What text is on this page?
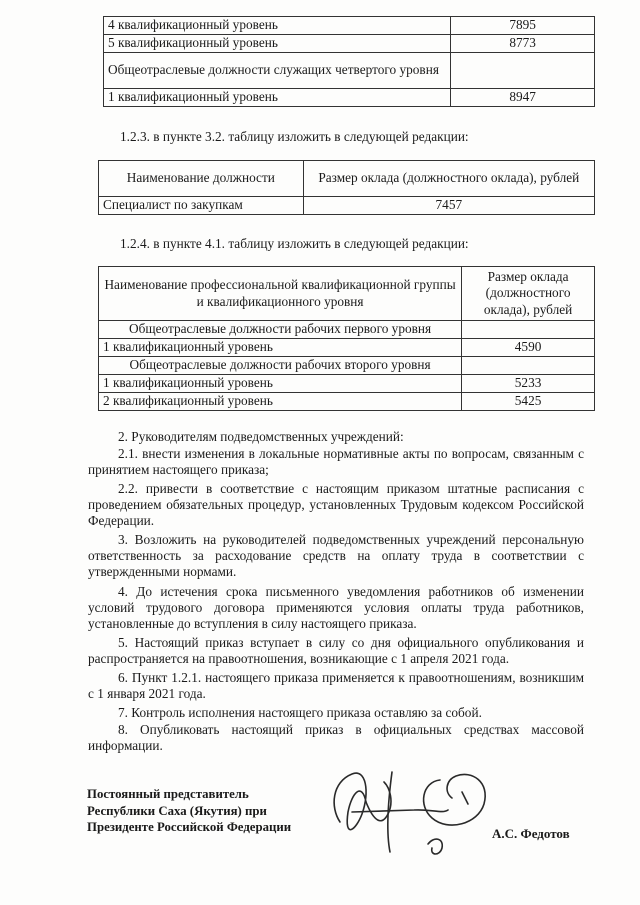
4 квалификационный уровень	7895
5 квалификационный уровень	8773
Общеотраслевые должности служащих четвертого уровня	
1 квалификационный уровень	8947
1.2.3. в пункте 3.2. таблицу изложить в следующей редакции:
Наименование должности	Размер оклада (должностного оклада), рублей
Специалист по закупкам	7457
1.2.4. в пункте 4.1. таблицу изложить в следующей редакции:
Наименование профессиональной квалификационной группы и квалификационного уровня	Размер оклада (должностного оклада), рублей
Общеотраслевые должности рабочих первого уровня	
1 квалификационный уровень	4590
Общеотраслевые должности рабочих второго уровня	
1 квалификационный уровень	5233
2 квалификационный уровень	5425
2. Руководителям подведомственных учреждений:
2.1. внести изменения в локальные нормативные акты по вопросам, связанным с принятием настоящего приказа;
2.2. привести в соответствие с настоящим приказом штатные расписания с проведением обязательных процедур, установленных Трудовым кодексом Российской Федерации.
3. Возложить на руководителей подведомственных учреждений персональную ответственность за расходование средств на оплату труда в соответствии с утвержденными нормами.
4. До истечения срока письменного уведомления работников об изменении условий трудового договора применяются условия оплаты труда работников, установленные до вступления в силу настоящего приказа.
5. Настоящий приказ вступает в силу со дня официального опубликования и распространяется на правоотношения, возникающие с 1 апреля 2021 года.
6. Пункт 1.2.1. настоящего приказа применяется к правоотношениям, возникшим с 1 января 2021 года.
7. Контроль исполнения настоящего приказа оставляю за собой.
8. Опубликовать настоящий приказ в официальных средствах массовой информации.
Постоянный представитель
Республики Саха (Якутия) при
Президенте Российской Федерации	А.С. Федотов
